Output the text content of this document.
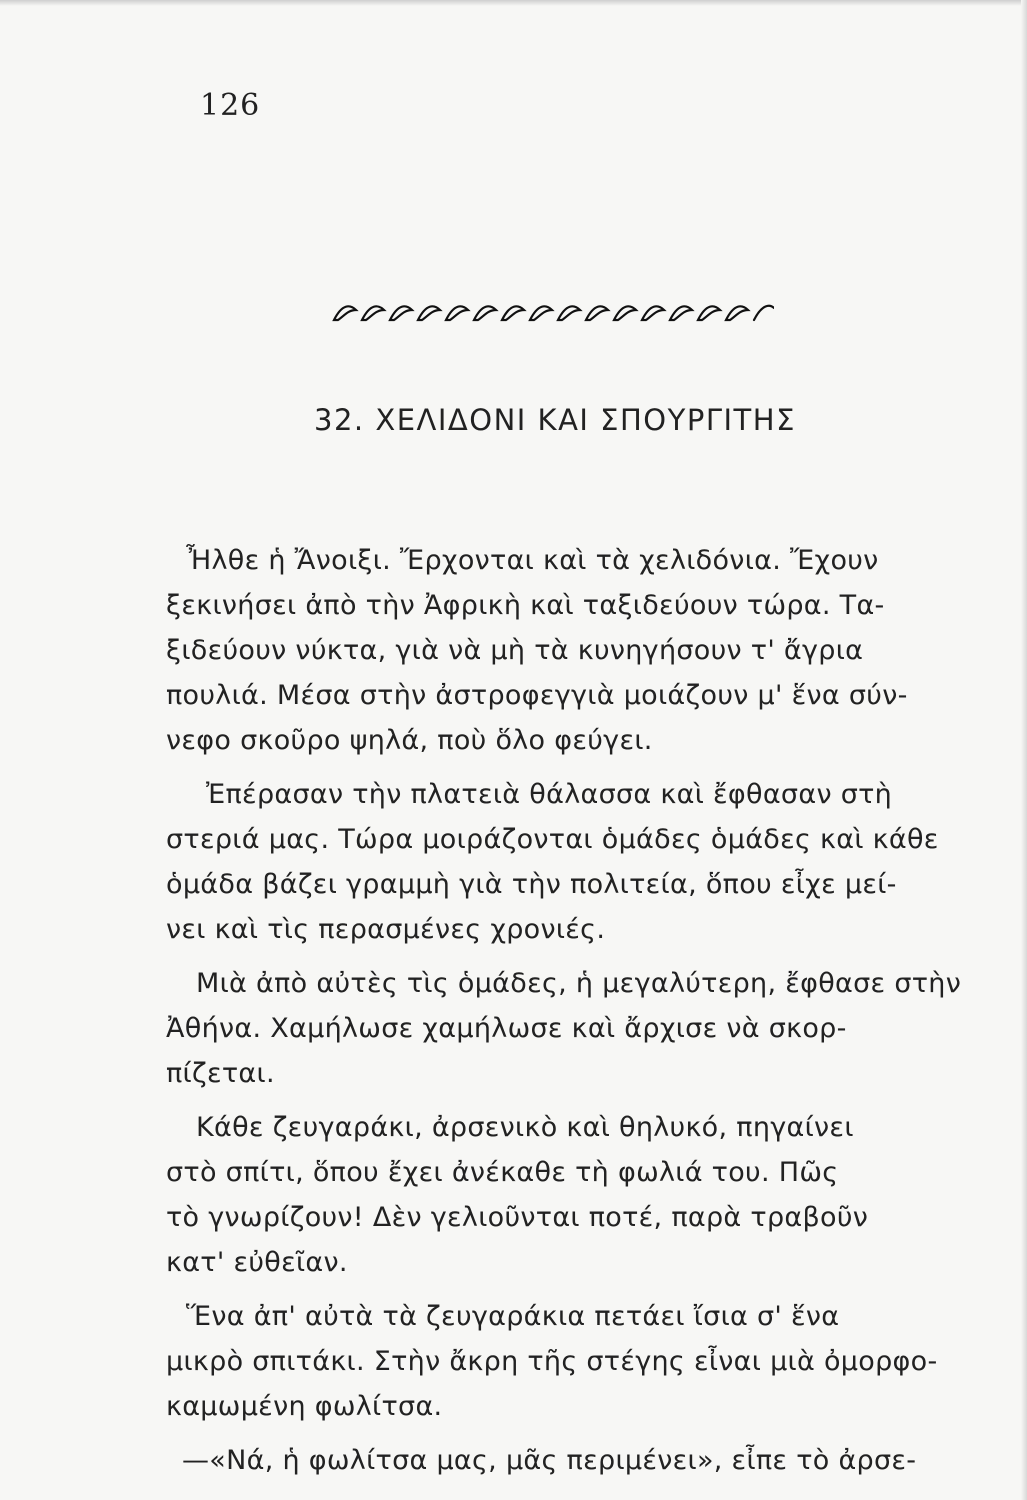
126
32. ΧΕΛΙΔΟΝΙ ΚΑΙ ΣΠΟΥΡΓΙΤΗΣ
Ἦλθε ἡ Ἄνοιξι. Ἔρχονται καὶ τὰ χελιδόνια. Ἔχουν
ξεκινήσει ἀπὸ τὴν Ἀφρικὴ καὶ ταξιδεύουν τώρα. Τα-
ξιδεύουν νύκτα, γιὰ νὰ μὴ τὰ κυνηγήσουν τ' ἄγρια
πουλιά. Μέσα στὴν ἀστροφεγγιὰ μοιάζουν μ' ἕνα σύν-
νεφο σκοῦρο ψηλά, ποὺ ὅλο φεύγει.
Ἐπέρασαν τὴν πλατειὰ θάλασσα καὶ ἔφθασαν στὴ
στεριά μας. Τώρα μοιράζονται ὁμάδες ὁμάδες καὶ κάθε
ὁμάδα βάζει γραμμὴ γιὰ τὴν πολιτεία, ὅπου εἶχε μεί-
νει καὶ τὶς περασμένες χρονιές.
Μιὰ ἀπὸ αὐτὲς τὶς ὁμάδες, ἡ μεγαλύτερη, ἔφθασε στὴν
Ἀθήνα. Χαμήλωσε χαμήλωσε καὶ ἄρχισε νὰ σκορ-
πίζεται.
Κάθε ζευγαράκι, ἀρσενικὸ καὶ θηλυκό, πηγαίνει
στὸ σπίτι, ὅπου ἔχει ἀνέκαθε τὴ φωλιά του. Πῶς
τὸ γνωρίζουν! Δὲν γελιοῦνται ποτέ, παρὰ τραβοῦν
κατ' εὐθεῖαν.
Ἕνα ἀπ' αὐτὰ τὰ ζευγαράκια πετάει ἴσια σ' ἕνα
μικρὸ σπιτάκι. Στὴν ἄκρη τῆς στέγης εἶναι μιὰ ὀμορφο-
καμωμένη φωλίτσα.
—«Νά, ἡ φωλίτσα μας, μᾶς περιμένει», εἶπε τὸ ἀρσε-
